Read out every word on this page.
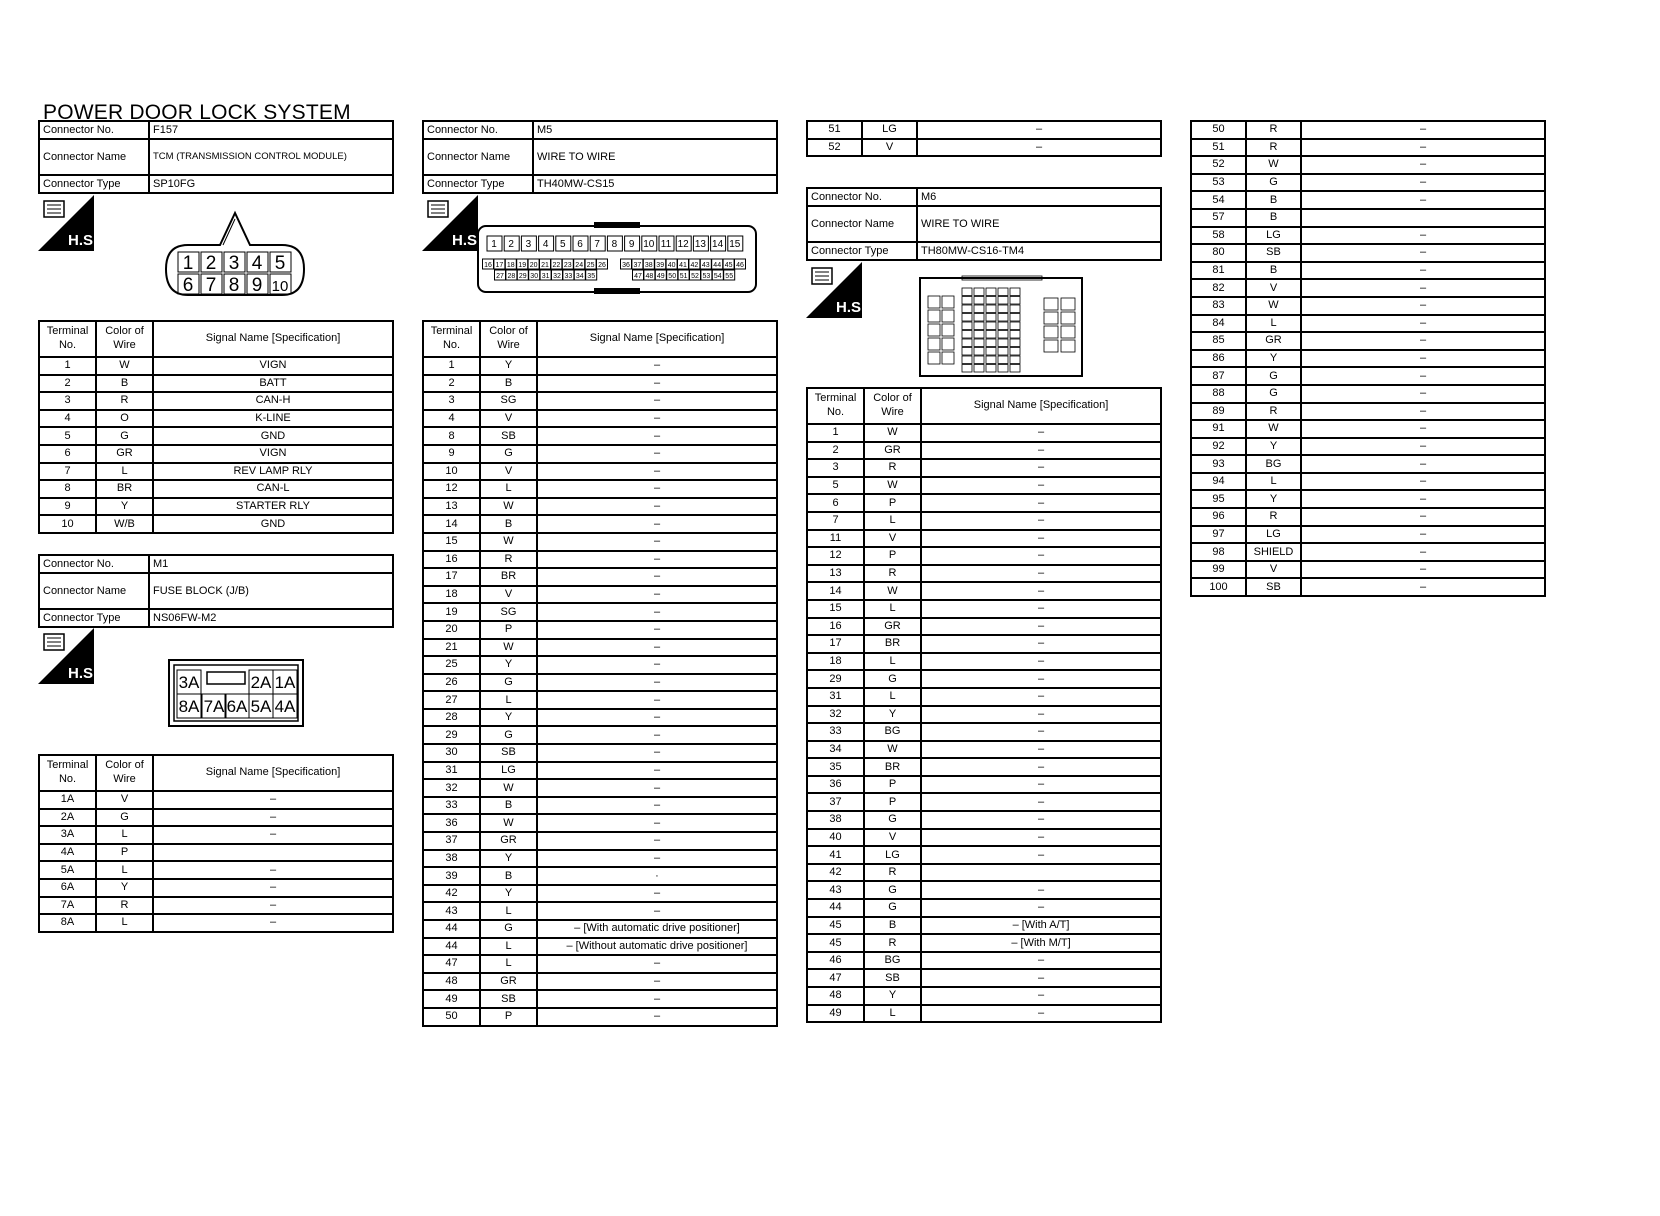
POWER DOOR LOCK SYSTEM
Connector No.	F157
Connector Name	TCM (TRANSMISSION CONTROL MODULE)
Connector Type	SP10FG
H.S.
1 2 3 4 5
6 7 8 9 10
Terminal No.	Color of Wire	Signal Name [Specification]
1	W	VIGN
2	B	BATT
3	R	CAN-H
4	O	K-LINE
5	G	GND
6	GR	VIGN
7	L	REV LAMP RLY
8	BR	CAN-L
9	Y	STARTER RLY
10	W/B	GND
Connector No.	M1
Connector Name	FUSE BLOCK (J/B)
Connector Type	NS06FW-M2
H.S.	3A	2A 1A
8A 7A 6A 5A 4A
Terminal No.	Color of Wire	Signal Name [Specification]
1A	V	–
2A	G	–
3A	L	–
4A	P	
5A	L	–
6A	Y	–
7A	R	–
8A	L	–
Connector No.	M5
Connector Name	WIRE TO WIRE
Connector Type	TH40MW-CS15
H.S. 1 2 3 4 5 6 7 8 9 10 11 12 13 14 15
16 17 18 19 20 21 22 23 24 25 26 36 37 38 39 40 41 42 43 44 45 46
27 28 29 30 31 32 33 34 35	47 48 49 50 51 52 53 54 55
Terminal No.	Color of Wire	Signal Name [Specification]
1	Y	–
2	B	–
3	SG	–
4	V	–
8	SB	–
9	G	–
10	V	–
12	L	–
13	W	–
14	B	–
15	W	–
16	R	–
17	BR	–
18	V	–
19	SG	–
20	P	–
21	W	–
25	Y	–
26	G	–
27	L	–
28	Y	–
29	G	–
30	SB	–
31	LG	–
32	W	–
33	B	–
36	W	–
37	GR	–
38	Y	–
39	B	·
42	Y	–
43	L	–
44	G	– [With automatic drive positioner]
44	L	– [Without automatic drive positioner]
47	L	–
48	GR	–
49	SB	–
50	P	–
51	LG	–
52	V	–
Connector No.	M6
Connector Name	WIRE TO WIRE
Connector Type	TH80MW-CS16-TM4
H.S.
Terminal No.	Color of Wire	Signal Name [Specification]
1	W	–
2	GR	–
3	R	–
5	W	–
6	P	–
7	L	–
11	V	–
12	P	–
13	R	–
14	W	–
15	L	–
16	GR	–
17	BR	–
18	L	–
29	G	–
31	L	–
32	Y	–
33	BG	–
34	W	–
35	BR	–
36	P	–
37	P	–
38	G	–
40	V	–
41	LG	–
42	R	
43	G	–
44	G	–
45	B	– [With A/T]
45	R	– [With M/T]
46	BG	–
47	SB	–
48	Y	–
49	L	–
50	R	–
51	R	–
52	W	–
53	G	–
54	B	–
57	B	
58	LG	–
80	SB	–
81	B	–
82	V	–
83	W	–
84	L	–
85	GR	–
86	Y	–
87	G	–
88	G	–
89	R	–
91	W	–
92	Y	–
93	BG	–
94	L	–
95	Y	–
96	R	–
97	LG	–
98	SHIELD	–
99	V	–
100	SB	–
